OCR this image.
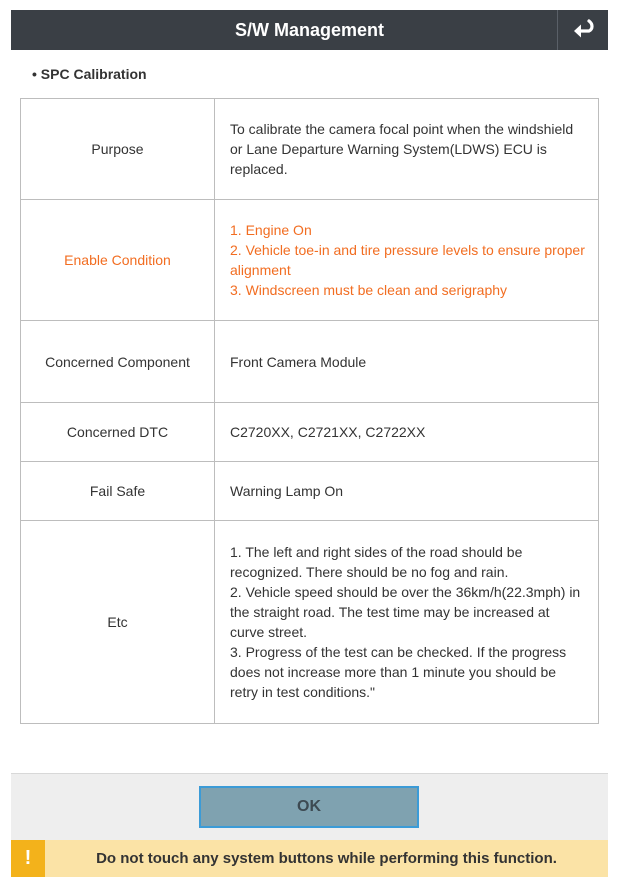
S/W Management
• SPC Calibration
Purpose	To calibrate the camera focal point when the windshield or Lane Departure Warning System(LDWS) ECU is replaced.
Enable Condition	1. Engine On
2. Vehicle toe-in and tire pressure levels to ensure proper alignment
3. Windscreen must be clean and serigraphy

Concerned Component	Front Camera Module
Concerned DTC	C2720XX, C2721XX, C2722XX
Fail Safe	Warning Lamp On
Etc	1. The left and right sides of the road should be recognized. There should be no fog and rain.
2. Vehicle speed should be over the 36km/h(22.3mph) in the straight road. The test time may be increased at curve street.
3. Progress of the test can be checked. If the progress does not increase more than 1 minute you should be retry in test conditions."
OK
!	Do not touch any system buttons while performing this function.
